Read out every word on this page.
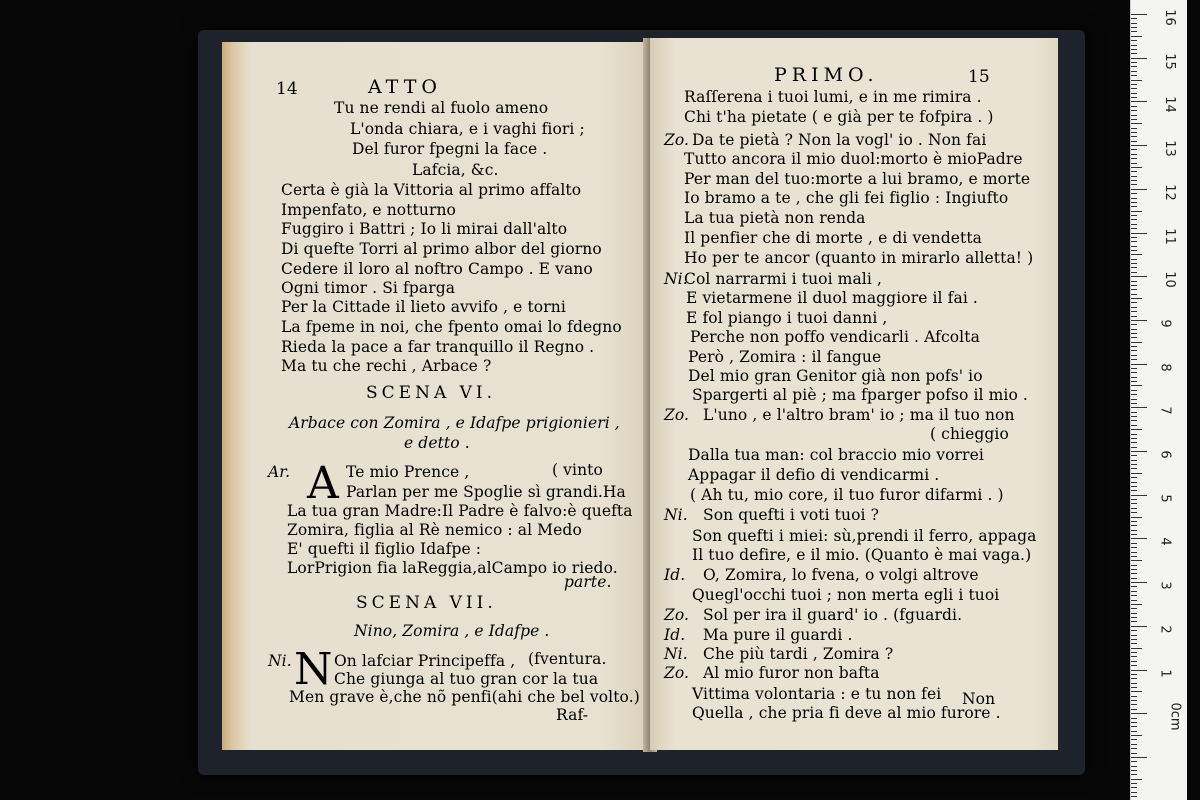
14	ATTO
Tu ne rendi al fuolo ameno
L'onda chiara, e i vaghi fiori ;
Del furor fpegni la face .
Lafcia, &c.
Certa è già la Vittoria al primo affalto
Impenfato, e notturno
Fuggiro i Battri ; Io li mirai dall'alto
Di quefte Torri al primo albor del giorno
Cedere il loro al noftro Campo . E vano
Ogni timor . Si fparga
Per la Cittade il lieto avvifo , e torni
La fpeme in noi, che fpento omai lo fdegno
Rieda la pace a far tranquillo il Regno .
Ma tu che rechi , Arbace ?
SCENA VI.
Arbace con Zomira , e Idafpe prigionieri ,
e detto .
Ar. A Te mio Prence ,	( vinto
Parlan per me Spoglie sì grandi.Ha
La tua gran Madre:Il Padre è falvo:è quefta
Zomira, figlia al Rè nemico : al Medo
E' quefti il figlio Idafpe :
LorPrigion fia laReggia,alCampo io riedo.
parte.
SCENA VII.
Nino, Zomira , e Idafpe .
Ni. N On lafciar Principeffa , (fventura.
Che giunga al tuo gran cor la tua
Men grave è,che nõ penfi(ahi che bel volto.)
Raf-
PRIMO.	15
Raſſerena i tuoi lumi, e in me rimira .
Chi t'ha pietate ( e già per te fofpira . )
Zo. Da te pietà ? Non la vogl' io . Non fai
Tutto ancora il mio duol:morto è mioPadre
Per man del tuo:morte a lui bramo, e morte
Io bramo a te , che gli fei figlio : Ingiufto
La tua pietà non renda
Il penfier che di morte , e di vendetta
Ho per te ancor (quanto in mirarlo alletta! )
Ni.
Col narrarmi i tuoi mali ,
E vietarmene il duol maggiore il fai .
E fol piango i tuoi danni ,
Perche non poffo vendicarli . Afcolta
Però , Zomira : il fangue
Del mio gran Genitor già non pofs' io
Spargerti al piè ; ma fparger pofso il mio .
Zo. L'uno , e l'altro bram' io ; ma il tuo non
( chieggio
Dalla tua man: col braccio mio vorrei
Appagar il defio di vendicarmi .
( Ah tu, mio core, il tuo furor difarmi . )
Ni. Son quefti i voti tuoi ?
Son quefti i miei: sù,prendi il ferro, appaga
Il tuo defire, e il mio. (Quanto è mai vaga.)
Id. O, Zomira, lo fvena, o volgi altrove
Quegl'occhi tuoi ; non merta egli i tuoi
Zo. Sol per ira il guard' io . (fguardi.
Id. Ma pure il guardi .
Ni. Che più tardi , Zomira ?
Zo. Al mio furor non bafta
Vittima volontaria : e tu non fei
Quella , che pria fi deve al mio furore .
Non
16
15
14
13
12
11
10
9
8
7
6
5
4
3
2
1
0cm
